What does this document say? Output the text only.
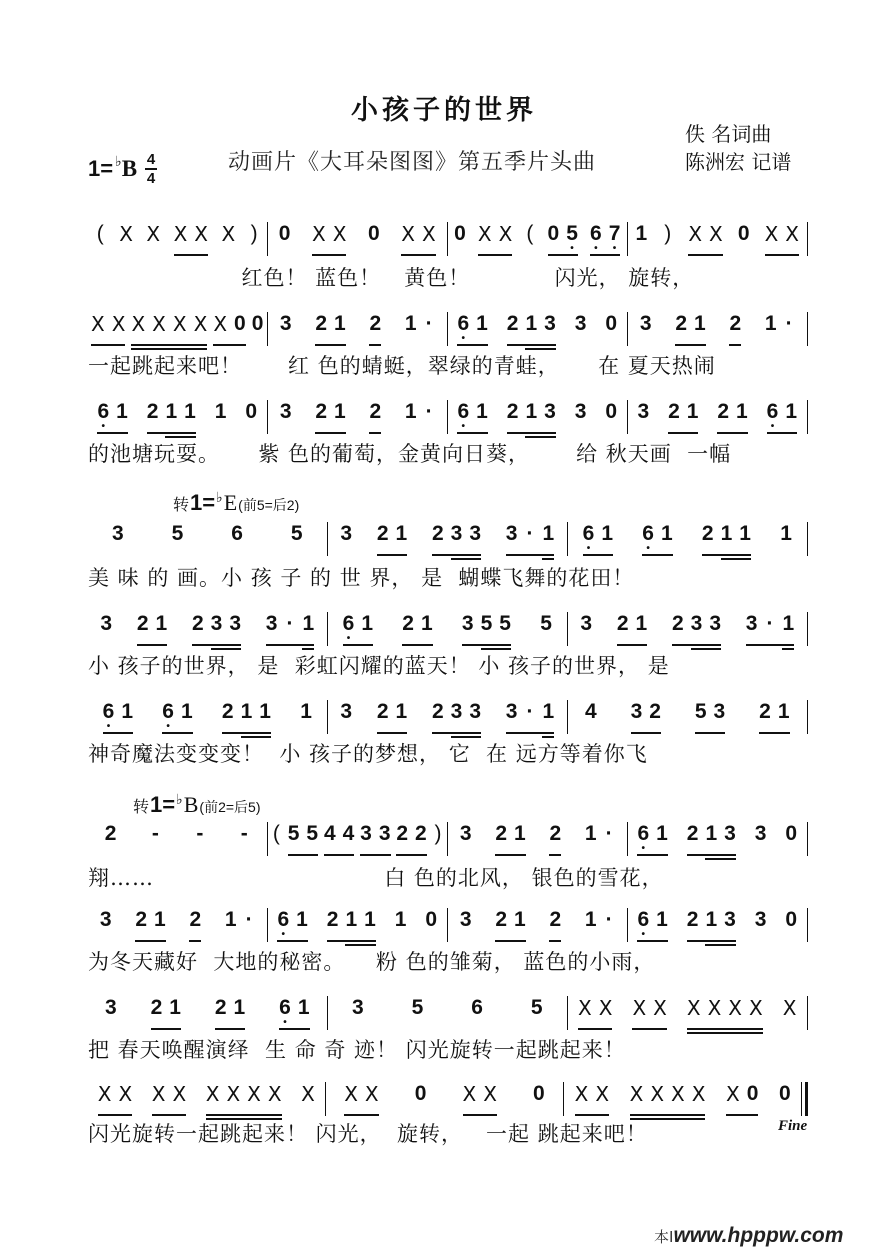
小孩子的世界
佚 名词曲
陈洲宏 记谱
动画片《大耳朵图图》第五季片头曲
1= ♭ B $\frac{4}{4}$
转 1= ♭ E (前5=后2)
转 1= ♭ B (前2=后5)
( X X X X X ) 0 X X 0 X X 0 X X ( 0 5
•
6
•
7
•
1 ) X X 0 X X
红色！ 蓝色！   黄色！           闪光， 旋转，
X X X X X X X 0 0 3 2 1 2 1 · 6
•
1 2 1 3 3 0 3 2 1 2 1 ·
一起跳起来吧！      红 色的蜻蜓，翠绿的青蛙，     在 夏天热闹
6
•
1 2 1 1 1 0 3 2 1 2 1 · 6
•
1 2 1 3 3 0 3 2 1 2 1 6
•
1
的池塘玩耍。     紫 色的葡萄，金黄向日葵，      给 秋天画  一幅
3 5 6 5 3 2 1 2 3 3 3 · 1 6
•
1 6
•
1 2 1 1 1
美 味 的 画。小 孩 子 的 世 界， 是  蝴蝶飞舞的花田！
3 2 1 2 3 3 3 · 1 6
•
1 2 1 3 5 5 5 3 2 1 2 3 3 3 · 1
小 孩子的世界， 是  彩虹闪耀的蓝天！ 小 孩子的世界， 是
6
•
1 6
•
1 2 1 1 1 3 2 1 2 3 3 3 · 1 4 3 2 5 3 2 1
神奇魔法变变变！  小 孩子的梦想， 它  在 远方等着你飞
2 - - - ( 5 5 4 4 3 3 2 2 ) 3 2 1 2 1 · 6
•
1 2 1 3 3 0
翔……                              白 色的北风， 银色的雪花，
3 2 1 2 1 · 6
•
1 2 1 1 1 0 3 2 1 2 1 · 6
•
1 2 1 3 3 0
为冬天藏好  大地的秘密。    粉 色的雏菊， 蓝色的小雨，
3 2 1 2 1 6
•
1 3 5 6 5 X X X X X X X X X
把 春天唤醒演绎  生 命 奇 迹！ 闪光旋转一起跳起来！
X X X X X X X X X X X 0 X X 0 X X X X X X X 0 0
闪光旋转一起跳起来！ 闪光，  旋转，   一起 跳起来吧！	Fine
本Ⅰ www.hpppw.com
